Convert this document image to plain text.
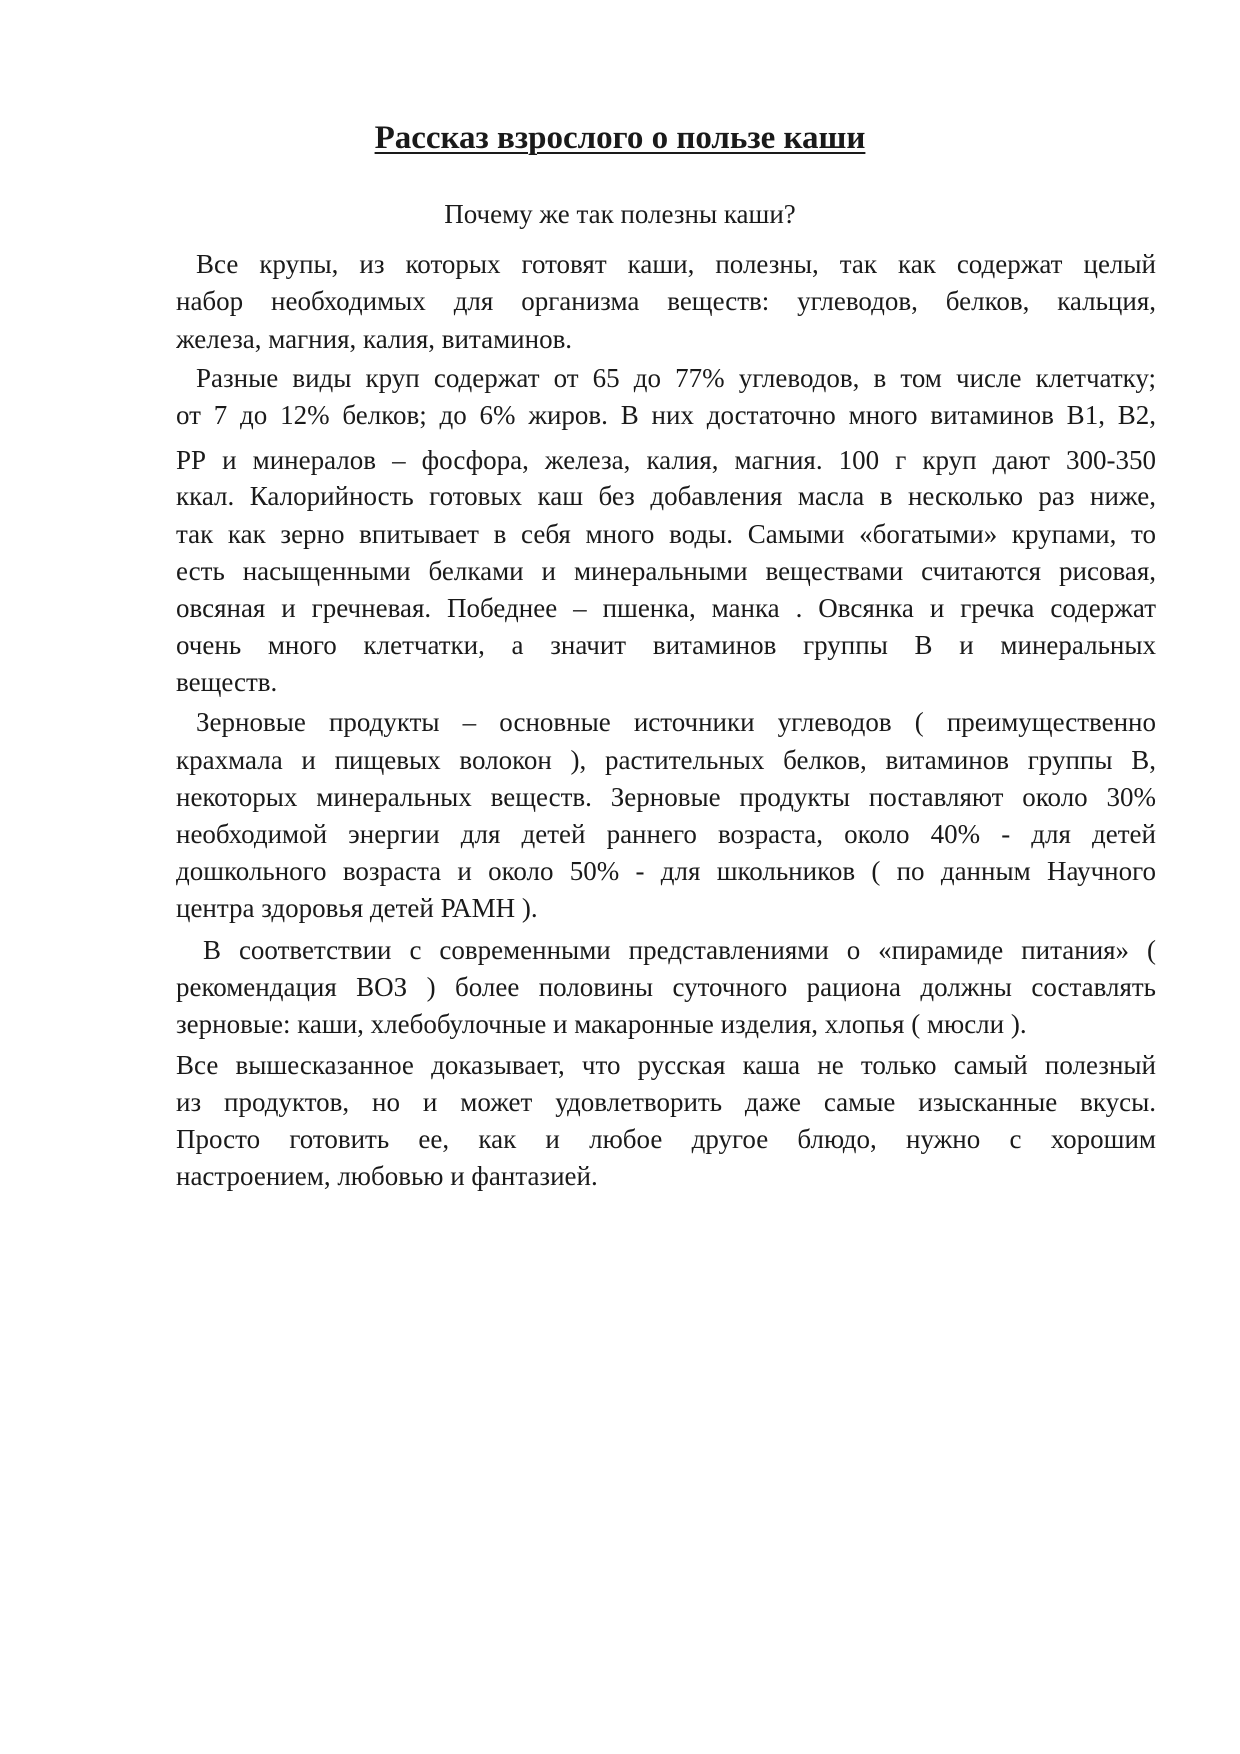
Рассказ взрослого о пользе каши
Почему же так полезны каши?
Все крупы, из которых готовят каши, полезны, так как содержат целый
набор необходимых для организма веществ: углеводов, белков, кальция,
железа, магния, калия, витаминов.
Разные виды круп содержат от 65 до 77% углеводов, в том числе клетчатку;
от 7 до 12% белков; до 6% жиров. В них достаточно много витаминов В1, В2,
РР и минералов – фосфора, железа, калия, магния. 100 г круп дают 300-350
ккал. Калорийность готовых каш без добавления масла в несколько раз ниже,
так как зерно впитывает в себя много воды. Самыми «богатыми» крупами, то
есть насыщенными белками и минеральными веществами считаются рисовая,
овсяная и гречневая. Победнее – пшенка, манка . Овсянка и гречка содержат
очень много клетчатки, а значит витаминов группы В и минеральных
веществ.
Зерновые продукты – основные источники углеводов ( преимущественно
крахмала и пищевых волокон ), растительных белков, витаминов группы В,
некоторых минеральных веществ. Зерновые продукты поставляют около 30%
необходимой энергии для детей раннего возраста, около 40% - для детей
дошкольного возраста и около 50% - для школьников ( по данным Научного
центра здоровья детей РАМН ).
В соответствии с современными представлениями о «пирамиде питания» (
рекомендация ВОЗ ) более половины суточного рациона должны составлять
зерновые: каши, хлебобулочные и макаронные изделия, хлопья ( мюсли ).
Все вышесказанное доказывает, что русская каша не только самый полезный
из продуктов, но и может удовлетворить даже самые изысканные вкусы.
Просто готовить ее, как и любое другое блюдо, нужно с хорошим
настроением, любовью и фантазией.
